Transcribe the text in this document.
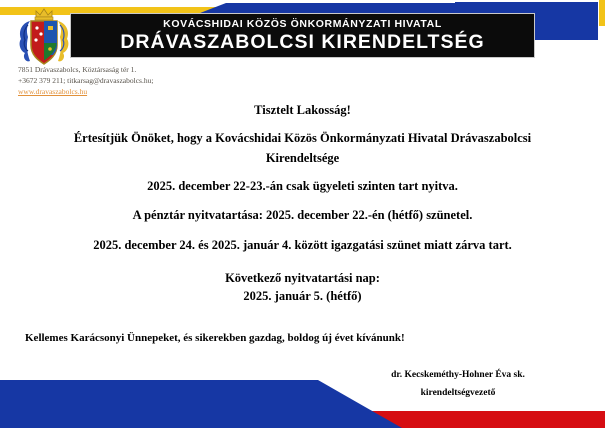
KOVÁCSHIDAI KÖZÖS ÖNKORMÁNYZATI HIVATAL
DRÁVASZABOLCSI KIRENDELTSÉG
7851 Drávaszabolcs, Köztársaság tér 1.
+3672 379 211; titkarsag@dravaszabolcs.hu;
www.dravaszabolcs.hu
Tisztelt Lakosság!
Értesítjük Önöket, hogy a Kovácshidai Közös Önkormányzati Hivatal Drávaszabolcsi
Kirendeltsége
2025. december 22-23.-án csak ügyeleti szinten tart nyitva.
A pénztár nyitvatartása: 2025. december 22.-én (hétfő) szünetel.
2025. december 24. és 2025. január 4. között igazgatási szünet miatt zárva tart.
Következő nyitvatartási nap:
2025. január 5. (hétfő)
Kellemes Karácsonyi Ünnepeket, és sikerekben gazdag, boldog új évet kívánunk!
dr. Kecskeméthy-Hohner Éva sk.
kirendeltségvezető
